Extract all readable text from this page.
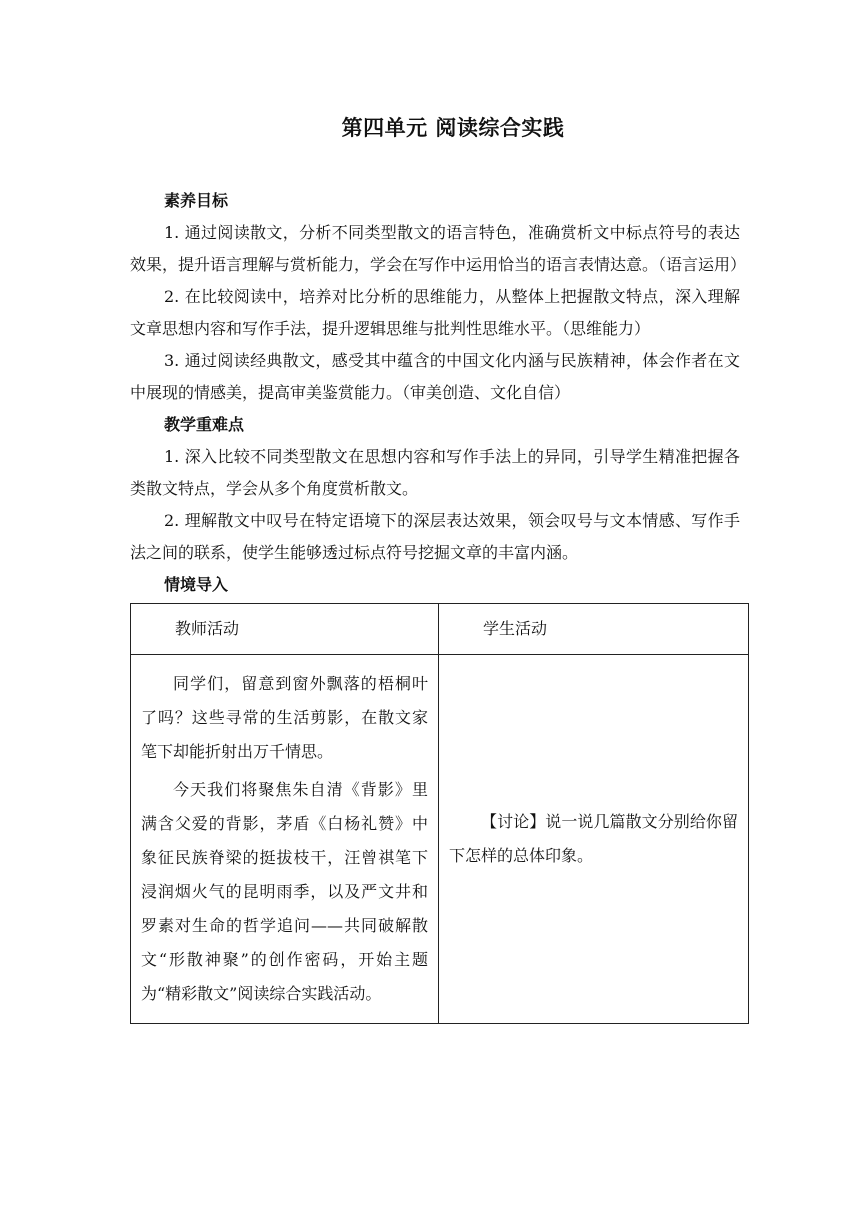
第四单元 阅读综合实践

素养目标

1. 通过阅读散文，分析不同类型散文的语言特色，准确赏析文中标点符号的表达效果，提升语言理解与赏析能力，学会在写作中运用恰当的语言表情达意。（语言运用）

2. 在比较阅读中，培养对比分析的思维能力，从整体上把握散文特点，深入理解文章思想内容和写作手法，提升逻辑思维与批判性思维水平。（思维能力）

3. 通过阅读经典散文，感受其中蕴含的中国文化内涵与民族精神，体会作者在文中展现的情感美，提高审美鉴赏能力。（审美创造、文化自信）

教学重难点

1. 深入比较不同类型散文在思想内容和写作手法上的异同，引导学生精准把握各类散文特点，学会从多个角度赏析散文。

2. 理解散文中叹号在特定语境下的深层表达效果，领会叹号与文本情感、写作手法之间的联系，使学生能够透过标点符号挖掘文章的丰富内涵。

情境导入

教师活动	学生活动

同学们，留意到窗外飘落的梧桐叶了吗？这些寻常的生活剪影，在散文家笔下却能折射出万千情思。

今天我们将聚焦朱自清《背影》里满含父爱的背影，茅盾《白杨礼赞》中象征民族脊梁的挺拔枝干，汪曾祺笔下浸润烟火气的昆明雨季，以及严文井和罗素对生命的哲学追问——共同破解散文“形散神聚”的创作密码，开始主题为“精彩散文”阅读综合实践活动。	【讨论】说一说几篇散文分别给你留下怎样的总体印象。
